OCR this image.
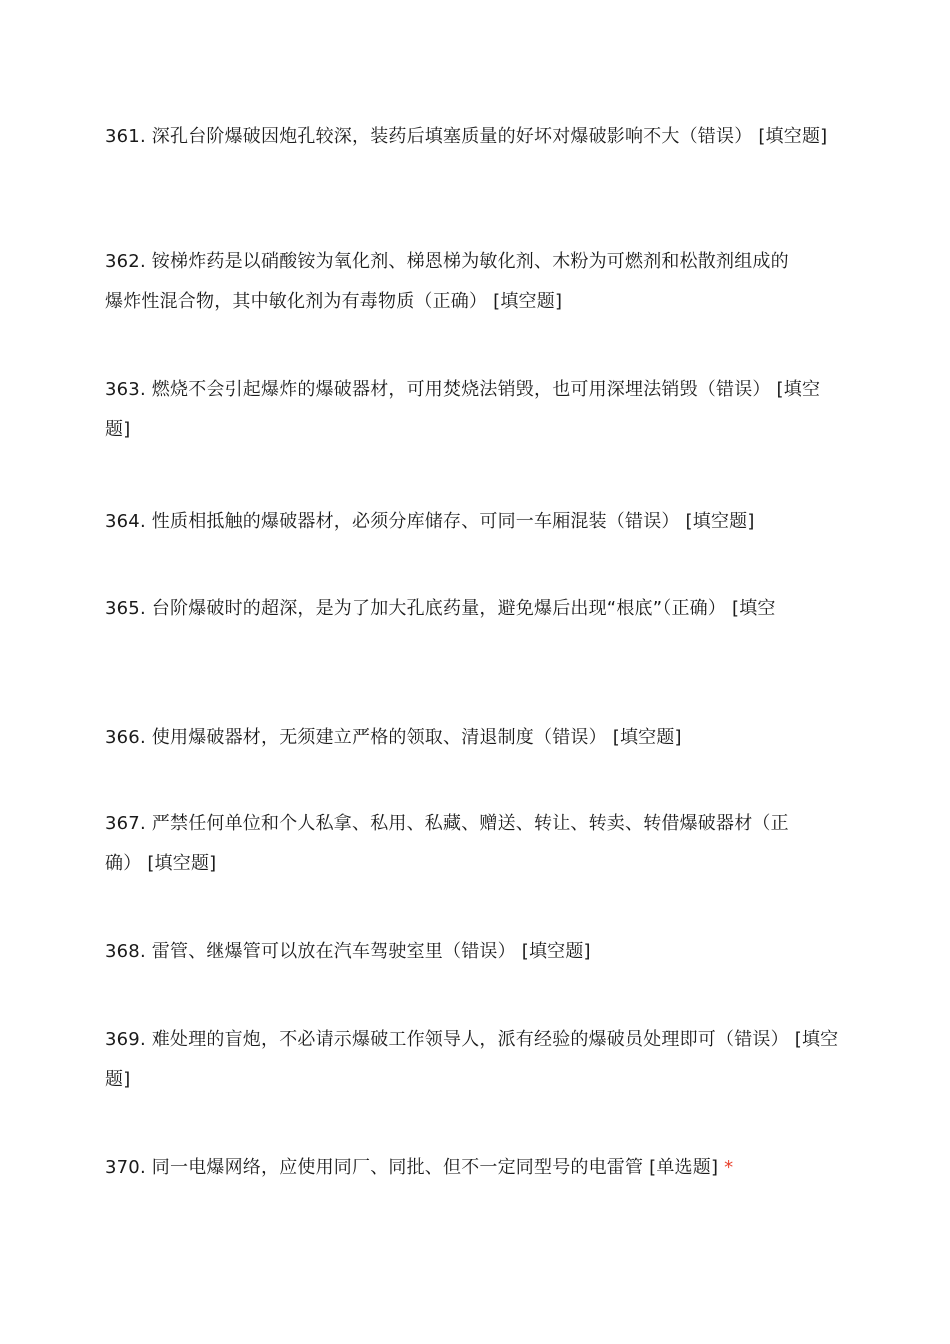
361. 深孔台阶爆破因炮孔较深，装药后填塞质量的好坏对爆破影响不大（错误） [填空题]
362. 铵梯炸药是以硝酸铵为氧化剂、梯恩梯为敏化剂、木粉为可燃剂和松散剂组成的爆炸性混合物，其中敏化剂为有毒物质（正确） [填空题]
363. 燃烧不会引起爆炸的爆破器材，可用焚烧法销毁，也可用深埋法销毁（错误） [填空题]
364. 性质相抵触的爆破器材，必须分库储存、可同一车厢混装（错误） [填空题]
365. 台阶爆破时的超深，是为了加大孔底药量，避免爆后出现“根底”（正确） [填空
366. 使用爆破器材，无须建立严格的领取、清退制度（错误） [填空题]
367. 严禁任何单位和个人私拿、私用、私藏、赠送、转让、转卖、转借爆破器材（正确） [填空题]
368. 雷管、继爆管可以放在汽车驾驶室里（错误） [填空题]
369. 难处理的盲炮，不必请示爆破工作领导人，派有经验的爆破员处理即可（错误） [填空题]
370. 同一电爆网络，应使用同厂、同批、但不一定同型号的电雷管 [单选题] *
